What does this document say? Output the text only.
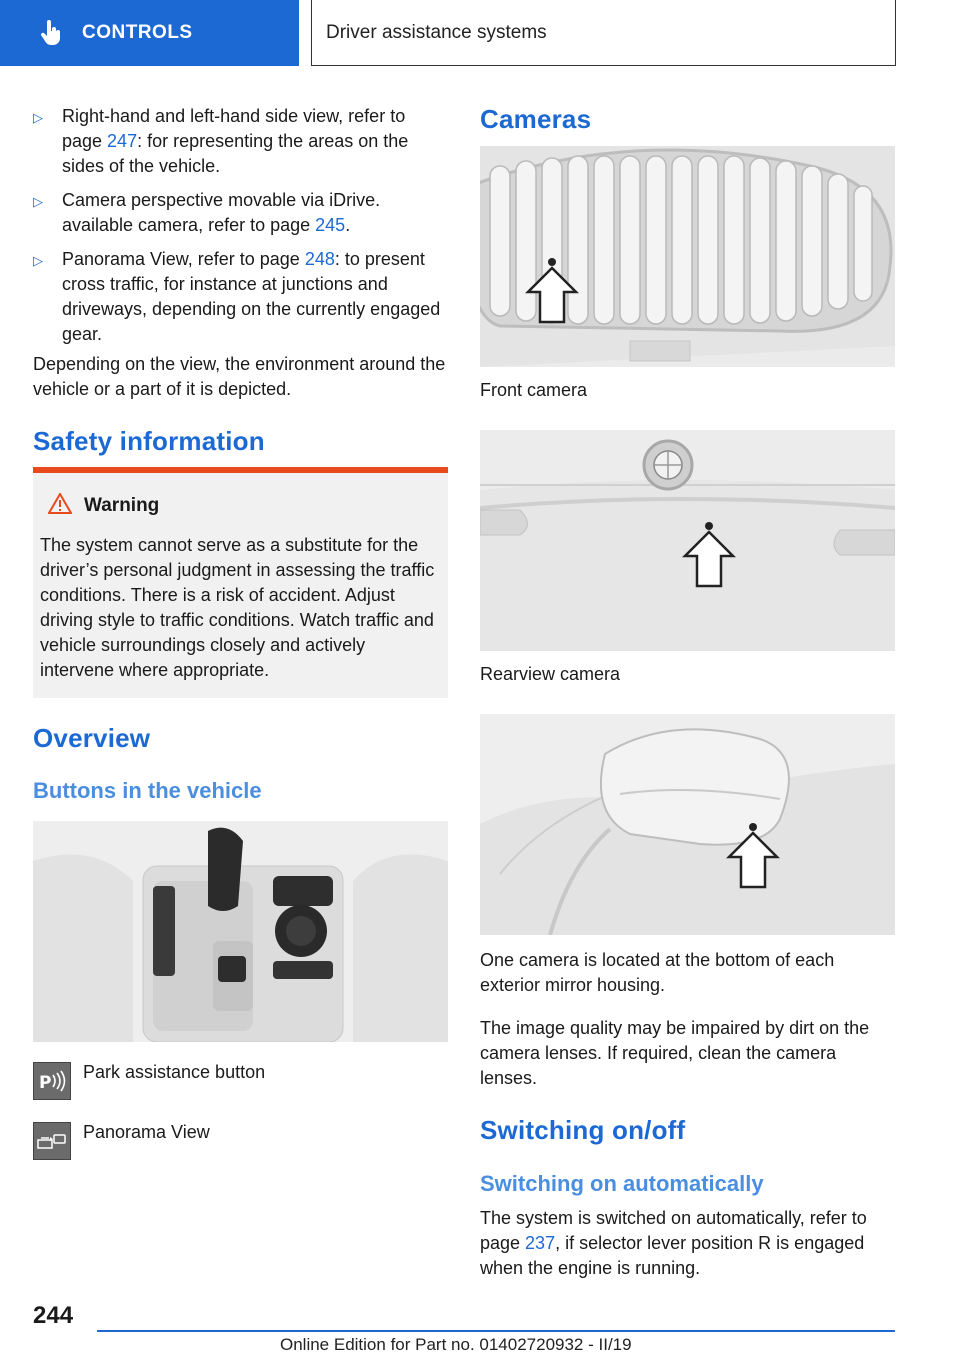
CONTROLS	Driver assistance systems
▷	Right-hand and left-hand side view, refer to page 247: for representing the areas on the sides of the vehicle.
▷	Camera perspective movable via iDrive. available camera, refer to page 245.
▷	Panorama View, refer to page 248: to present cross traffic, for instance at junctions and driveways, depending on the currently engaged gear.
Depending on the view, the environment around the vehicle or a part of it is depicted.
Safety information
Warning
The system cannot serve as a substitute for the driver’s personal judgment in assessing the traffic conditions. There is a risk of accident. Adjust driving style to traffic conditions. Watch traffic and vehicle surroundings closely and actively intervene where appropriate.
Overview
Buttons in the vehicle
P
Park assistance button
Panorama View
Cameras
Front camera
Rearview camera
One camera is located at the bottom of each exterior mirror housing.
The image quality may be impaired by dirt on the camera lenses. If required, clean the camera lenses.
Switching on/off
Switching on automatically
The system is switched on automatically, refer to page 237, if selector lever position R is engaged when the engine is running.
244
Online Edition for Part no. 01402720932 - II/19
